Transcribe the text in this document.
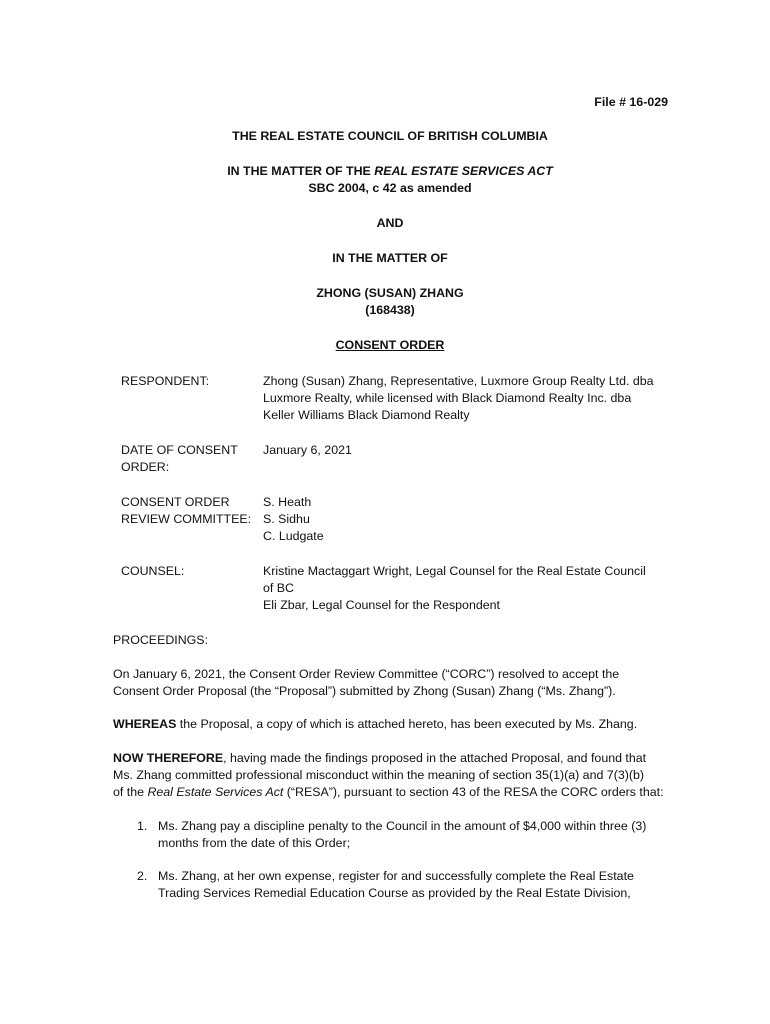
File # 16-029
THE REAL ESTATE COUNCIL OF BRITISH COLUMBIA
IN THE MATTER OF THE REAL ESTATE SERVICES ACT
SBC 2004, c 42 as amended
AND
IN THE MATTER OF
ZHONG (SUSAN) ZHANG
(168438)
CONSENT ORDER
RESPONDENT:	Zhong (Susan) Zhang, Representative, Luxmore Group Realty Ltd. dba
Luxmore Realty, while licensed with Black Diamond Realty Inc. dba
Keller Williams Black Diamond Realty
DATE OF CONSENT
ORDER:
January 6, 2021
CONSENT ORDER
REVIEW COMMITTEE:
S. Heath
S. Sidhu
C. Ludgate
COUNSEL:	Kristine Mactaggart Wright, Legal Counsel for the Real Estate Council
of BC
Eli Zbar, Legal Counsel for the Respondent
PROCEEDINGS:
On January 6, 2021, the Consent Order Review Committee (“CORC”) resolved to accept the
Consent Order Proposal (the “Proposal”) submitted by Zhong (Susan) Zhang (“Ms. Zhang”).
WHEREAS the Proposal, a copy of which is attached hereto, has been executed by Ms. Zhang.
NOW THEREFORE, having made the findings proposed in the attached Proposal, and found that
Ms. Zhang committed professional misconduct within the meaning of section 35(1)(a) and 7(3)(b)
of the Real Estate Services Act (“RESA”), pursuant to section 43 of the RESA the CORC orders that:
1. Ms. Zhang pay a discipline penalty to the Council in the amount of $4,000 within three (3)
months from the date of this Order;
2. Ms. Zhang, at her own expense, register for and successfully complete the Real Estate
Trading Services Remedial Education Course as provided by the Real Estate Division,
